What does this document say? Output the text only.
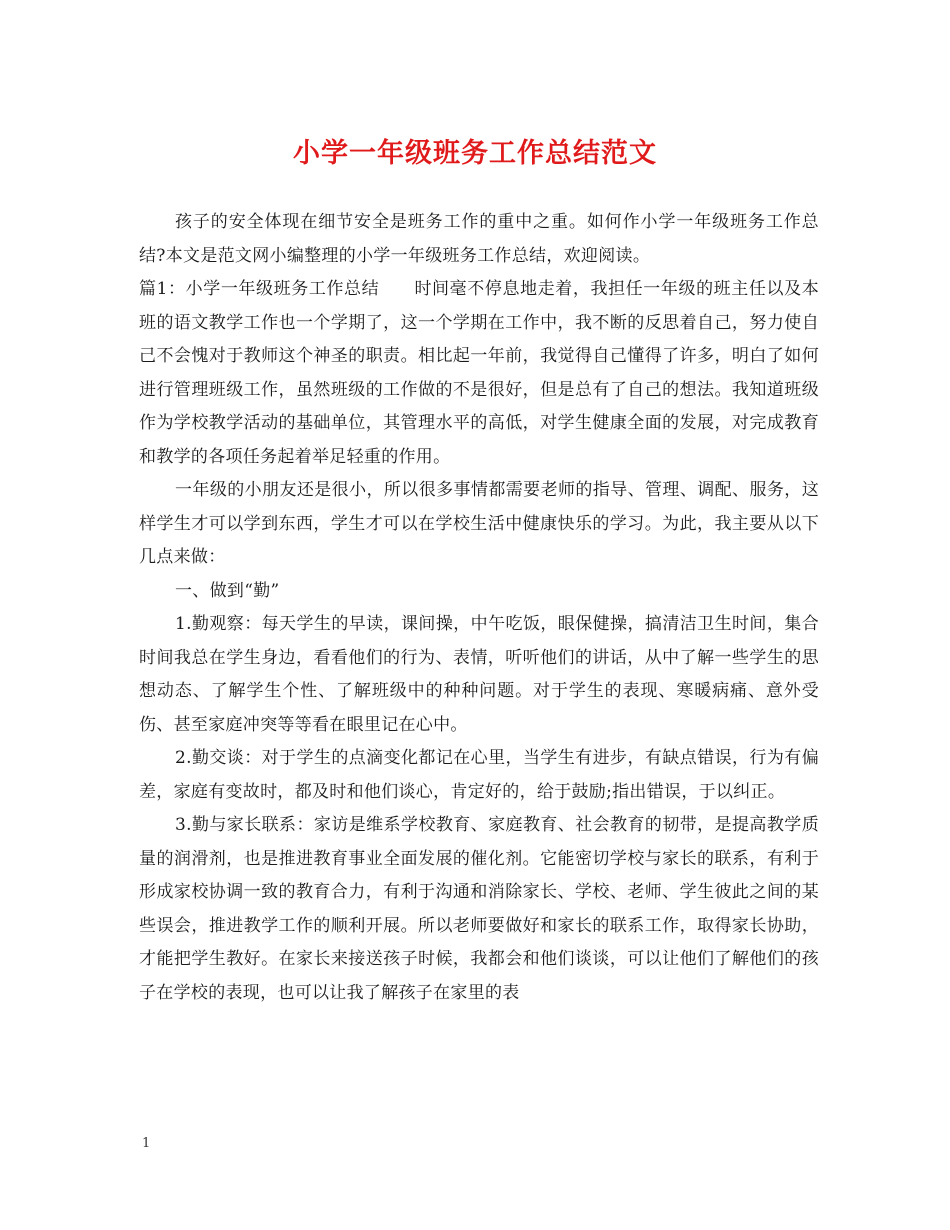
小学一年级班务工作总结范文

孩子的安全体现在细节安全是班务工作的重中之重。如何作小学一年级班务工作总结?本文是范文网小编整理的小学一年级班务工作总结，欢迎阅读。

篇1：小学一年级班务工作总结　　时间毫不停息地走着，我担任一年级的班主任以及本班的语文教学工作也一个学期了，这一个学期在工作中，我不断的反思着自己，努力使自己不会愧对于教师这个神圣的职责。相比起一年前，我觉得自己懂得了许多，明白了如何进行管理班级工作，虽然班级的工作做的不是很好，但是总有了自己的想法。我知道班级作为学校教学活动的基础单位，其管理水平的高低，对学生健康全面的发展，对完成教育和教学的各项任务起着举足轻重的作用。

一年级的小朋友还是很小，所以很多事情都需要老师的指导、管理、调配、服务，这样学生才可以学到东西，学生才可以在学校生活中健康快乐的学习。为此，我主要从以下几点来做：

一、做到“勤”

1.勤观察：每天学生的早读，课间操，中午吃饭，眼保健操，搞清洁卫生时间，集合时间我总在学生身边，看看他们的行为、表情，听听他们的讲话，从中了解一些学生的思想动态、了解学生个性、了解班级中的种种问题。对于学生的表现、寒暖病痛、意外受伤、甚至家庭冲突等等看在眼里记在心中。

2.勤交谈：对于学生的点滴变化都记在心里，当学生有进步，有缺点错误，行为有偏差，家庭有变故时，都及时和他们谈心，肯定好的，给于鼓励;指出错误，于以纠正。

3.勤与家长联系：家访是维系学校教育、家庭教育、社会教育的韧带，是提高教学质量的润滑剂，也是推进教育事业全面发展的催化剂。它能密切学校与家长的联系，有利于形成家校协调一致的教育合力，有利于沟通和消除家长、学校、老师、学生彼此之间的某些误会，推进教学工作的顺利开展。所以老师要做好和家长的联系工作，取得家长协助，才能把学生教好。在家长来接送孩子时候，我都会和他们谈谈，可以让他们了解他们的孩子在学校的表现，也可以让我了解孩子在家里的表

1
